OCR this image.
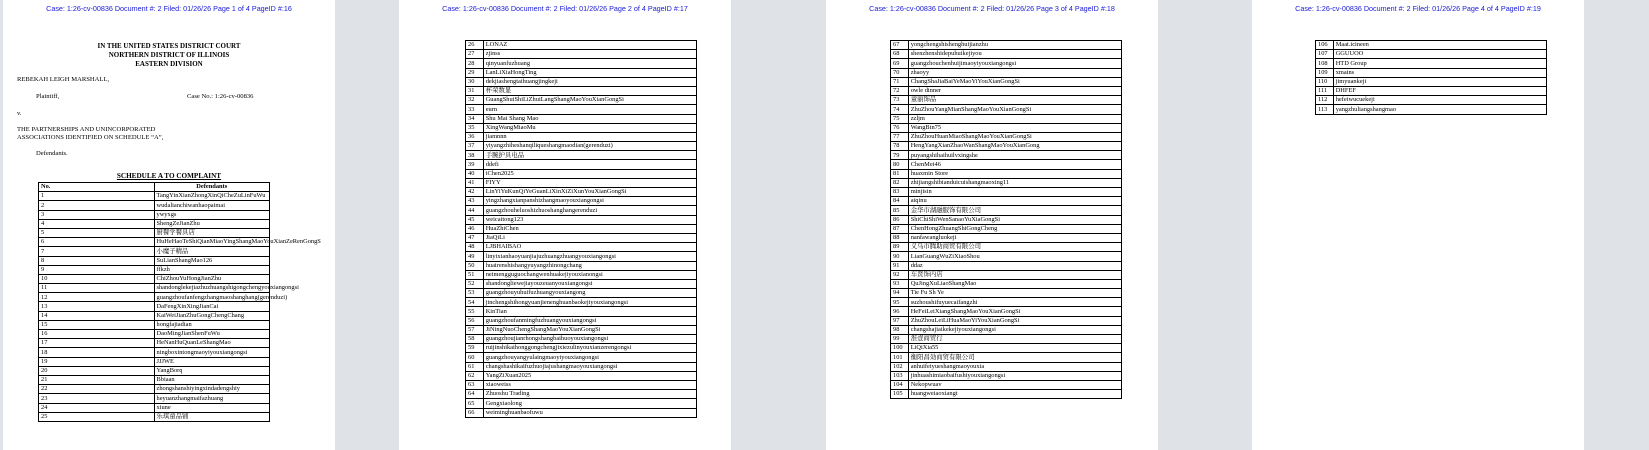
Case: 1:26-cv-00836 Document #: 2 Filed: 01/26/26 Page 1 of 4 PageID #:16
IN THE UNITED STATES DISTRICT COURT
NORTHERN DISTRICT OF ILLINOIS
EASTERN DIVISION
REBEKAH LEIGH MARSHALL,
Plaintiff,	Case No.: 1:26-cv-00836
v.
THE PARTNERSHIPS AND UNINCORPORATED
ASSOCIATIONS IDENTIFIED ON SCHEDULE “A”,
Defendants.
SCHEDULE A TO COMPLAINT
No.	Defendants
1	TangYinXianZhongXinQiCheZuLinFuWu
2	wudalianchiwanhaopaimai
3	ywyxgs
4	ShengZeJianZhu
5	厨餐学餐具店
6	HuHeHaoTeShiQianMiaoYingShangMaoYouXianZeRenGongS
7	小魔子精品
8	SuLianShangMao126
9	ffkzh
10	ChiZhouYuHongJianZhu
11	shandonglekejiazhuzhuangshigongchengyouxiangongsi
12	guangzhoufanfengzhangmaoshanghang(gerenduzi)
13	DaFengXinXingJianCai
14	KaiWeiJianZhuGongChengChang
15	hongfajiadian
16	DaoMingJianShenFuWu
17	HeNanHuQuanLeShangMao
18	ningboxintongmaoyiyouxiangongsi
19	JJJWE
20	YangBorq
21	Bbiaan
22	zhongshanshiyingxindadengshiy
23	heyuanzhangmaifazhuang
24	xiune
25	乐琪童品铺
Case: 1:26-cv-00836 Document #: 2 Filed: 01/26/26 Page 2 of 4 PageID #:17
26	LONAZ
27	zjinss
28	qinyuanfuzhuang
29	LanLiXiaHongTing
30	dekjiashengtaihuangjingkeji
31	杯荣数显
32	GuangShuiShiLiZhuiLangShangMaoYouXianGongSi
33	eurn
34	Shu Mai Shang Mao
35	XingWangMiaoMu
36	jiamnnn
37	yiyangzhiheshanqiliqueshangmaodian(gerenduzi)
38	手腕护具电品
39	ddefi
40	iChen2025
41	FIYY
42	LinYiYuKunQiYeGuanLiXinXiZiXunYouXianGongSi
43	yingzhangxianpanshizhangmaoyouxiangongsi
44	guangzhouheluoshizhuoshanghangerenduzi
45	weicaitong123
46	HuaZhiChen
47	JiaQiLi
48	LJBHAIBAO
49	linyixianhaoyuanjiajuzhuangzhuangyouxiangongsi
50	huairenshishangyuyangzhinongchang
51	neimengguguochangwenhuakejiyouxianongsi
52	shandongliewejiayouzeuanyouxiangongsi
53	guangzhouyuhuifuzhuangyouxiangong
54	jinchengshihongyuanjienenghuanbaokejiyouxiangongsi
55	KinTian
56	guangzhoufanmingfuzhuangyouxiangongsi
57	JiNingNuoChengShangMaoYouXianGongSi
58	guangzhoujianrhongshangbaihuoyouxiangongsi
59	ruijinshikaihonggongchengjixiezulinyouxianzerengongsi
60	guangzhouyangyulaingmaoyiyouxiangongsi
61	changshashikaifuzhuojiajushangmaoyouxiangongsi
62	YangZiXuan2025
63	xiaoweiss
64	Zhuoshu Trading
65	Gengxiaolong
66	weiminghuanbaofuwu
Case: 1:26-cv-00836 Document #: 2 Filed: 01/26/26 Page 3 of 4 PageID #:18
67	yongchengshishenghuijianzhu
68	shenzhenshidepuhuikejiyou
69	guangzhouchenhuijimaoyiyouxiangongsi
70	zhaoyy
71	ChangShaJiaBaiYeMaoYiYouXianGongSi
72	owle dinner
73	童丽饰品
74	ZhuZhouYangMianShangMaoYouXianGongSi
75	zzljm
76	WangBin75
77	ZhuZhouHuanMiaoShangMaoYouXianGongSi
78	HengYangXianZhaoWanShangMaoYouXianGong
79	puyangshihaihuilvxingshe
80	ChenMei46
81	huaxmin Store
82	zhijiangshibianduicuishangmaoxing11
83	minjisin
84	aiqinu
85	金华市湖融服饰有限公司
86	ShiChiShiWenSanaoYuXiaGongSi
87	ChenHongZhuangShiGongCheng
88	nanfawangluokeji
89	义乌市腾助商贸有限公司
90	LianGuangWuZiXiaoShou
91	ddaz
92	车贤饰内店
93	QuJingXuLiaoShangMao
94	Tie Fu Sh Ye
95	suzhoushifuyuecaifangzhi
96	HeFeiLeiXiangShangMaoYouXianGongSi
97	ZhuZhouLeiLiHuaMaoYiYouXianGongSi
98	changshajiaikekejiyouxiangongsi
99	淮壹商贸行
100	LiQiXia55
101	衡阳昌効商贸有限公司
102	anhuifeiyueshangmaoyouxia
103	jinhuashimiaobaifushiyouxiangongsi
104	Nekopwuav
105	huangweiaoxiangt
Case: 1:26-cv-00836 Document #: 2 Filed: 01/26/26 Page 4 of 4 PageID #:19
106	Maat.icineen
107	GGUUOO
108	HTD Group
109	xmains
110	jimyuankeji
111	DHFEF
112	hefeiwucuekeji
113	yangzhuliangshangmao
